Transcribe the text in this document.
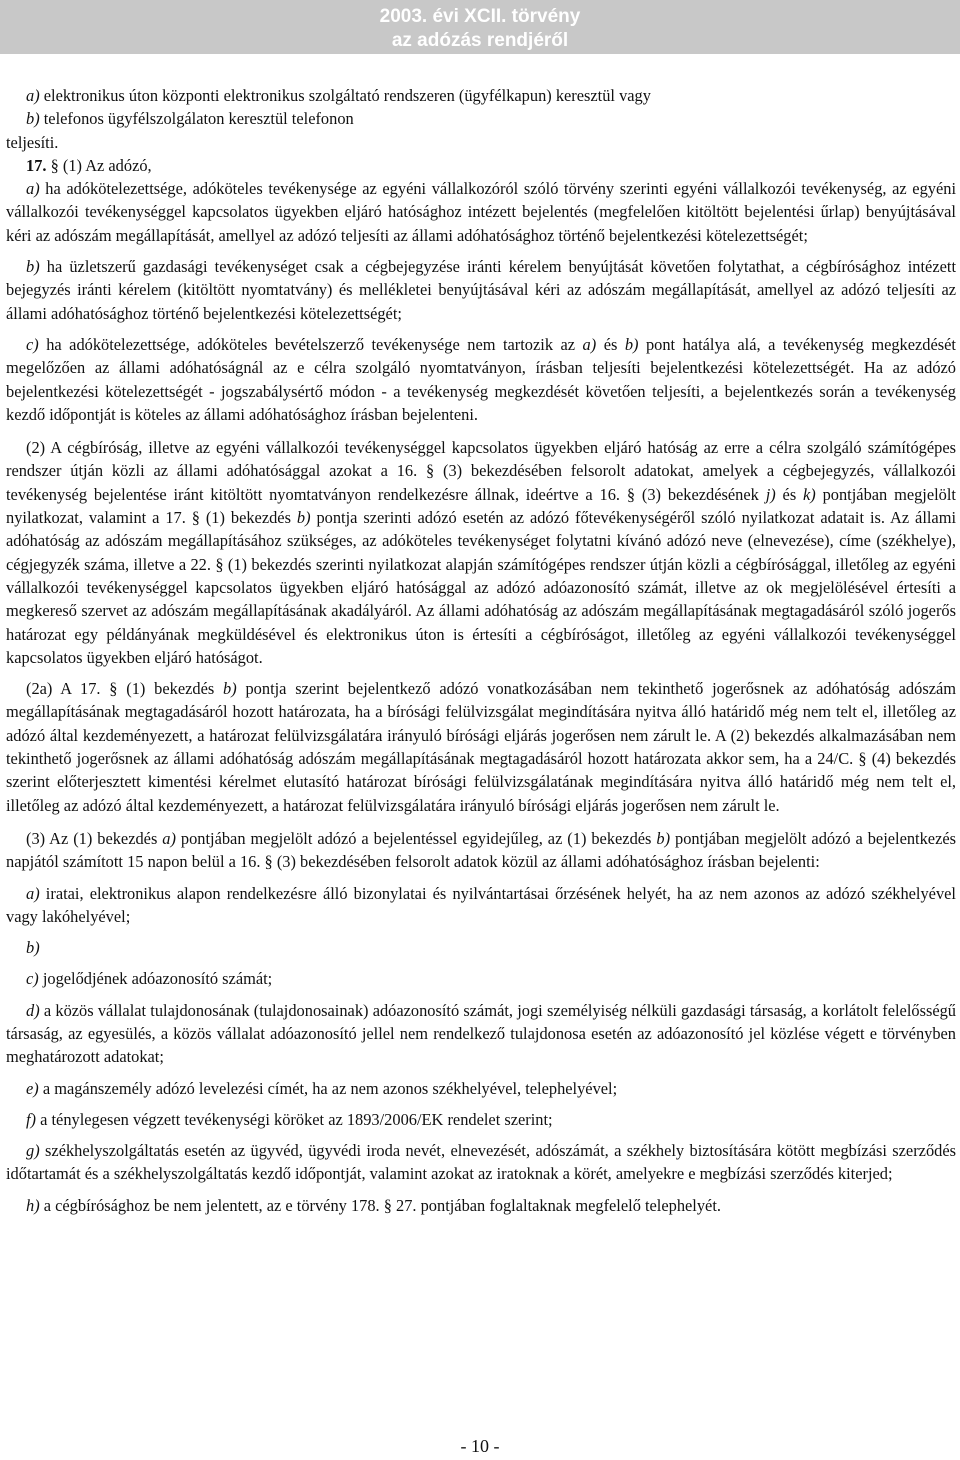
2003. évi XCII. törvény
az adózás rendjéről

a) elektronikus úton központi elektronikus szolgáltató rendszeren (ügyfélkapun) keresztül vagy

b) telefonos ügyfélszolgálaton keresztül telefonon

teljesíti.

17. § (1) Az adózó,

a) ha adókötelezettsége, adóköteles tevékenysége az egyéni vállalkozóról szóló törvény szerinti egyéni vállalkozói tevékenység, az egyéni vállalkozói tevékenységgel kapcsolatos ügyekben eljáró hatósághoz intézett bejelentés (megfelelően kitöltött bejelentési űrlap) benyújtásával kéri az adószám megállapítását, amellyel az adózó teljesíti az állami adóhatósághoz történő bejelentkezési kötelezettségét;

b) ha üzletszerű gazdasági tevékenységet csak a cégbejegyzése iránti kérelem benyújtását követően folytathat, a cégbírósághoz intézett bejegyzés iránti kérelem (kitöltött nyomtatvány) és mellékletei benyújtásával kéri az adószám megállapítását, amellyel az adózó teljesíti az állami adóhatósághoz történő bejelentkezési kötelezettségét;

c) ha adókötelezettsége, adóköteles bevételszerző tevékenysége nem tartozik az a) és b) pont hatálya alá, a tevékenység megkezdését megelőzően az állami adóhatóságnál az e célra szolgáló nyomtatványon, írásban teljesíti bejelentkezési kötelezettségét. Ha az adózó bejelentkezési kötelezettségét - jogszabálysértő módon - a tevékenység megkezdését követően teljesíti, a bejelentkezés során a tevékenység kezdő időpontját is köteles az állami adóhatósághoz írásban bejelenteni.

(2) A cégbíróság, illetve az egyéni vállalkozói tevékenységgel kapcsolatos ügyekben eljáró hatóság az erre a célra szolgáló számítógépes rendszer útján közli az állami adóhatósággal azokat a 16. § (3) bekezdésében felsorolt adatokat, amelyek a cégbejegyzés, vállalkozói tevékenység bejelentése iránt kitöltött nyomtatványon rendelkezésre állnak, ideértve a 16. § (3) bekezdésének j) és k) pontjában megjelölt nyilatkozat, valamint a 17. § (1) bekezdés b) pontja szerinti adózó esetén az adózó főtevékenységéről szóló nyilatkozat adatait is. Az állami adóhatóság az adószám megállapításához szükséges, az adóköteles tevékenységet folytatni kívánó adózó neve (elnevezése), címe (székhelye), cégjegyzék száma, illetve a 22. § (1) bekezdés szerinti nyilatkozat alapján számítógépes rendszer útján közli a cégbírósággal, illetőleg az egyéni vállalkozói tevékenységgel kapcsolatos ügyekben eljáró hatósággal az adózó adóazonosító számát, illetve az ok megjelölésével értesíti a megkereső szervet az adószám megállapításának akadályáról. Az állami adóhatóság az adószám megállapításának megtagadásáról szóló jogerős határozat egy példányának megküldésével és elektronikus úton is értesíti a cégbíróságot, illetőleg az egyéni vállalkozói tevékenységgel kapcsolatos ügyekben eljáró hatóságot.

(2a) A 17. § (1) bekezdés b) pontja szerint bejelentkező adózó vonatkozásában nem tekinthető jogerősnek az adóhatóság adószám megállapításának megtagadásáról hozott határozata, ha a bírósági felülvizsgálat megindítására nyitva álló határidő még nem telt el, illetőleg az adózó által kezdeményezett, a határozat felülvizsgálatára irányuló bírósági eljárás jogerősen nem zárult le. A (2) bekezdés alkalmazásában nem tekinthető jogerősnek az állami adóhatóság adószám megállapításának megtagadásáról hozott határozata akkor sem, ha a 24/C. § (4) bekezdés szerint előterjesztett kimentési kérelmet elutasító határozat bírósági felülvizsgálatának megindítására nyitva álló határidő még nem telt el, illetőleg az adózó által kezdeményezett, a határozat felülvizsgálatára irányuló bírósági eljárás jogerősen nem zárult le.

(3) Az (1) bekezdés a) pontjában megjelölt adózó a bejelentéssel egyidejűleg, az (1) bekezdés b) pontjában megjelölt adózó a bejelentkezés napjától számított 15 napon belül a 16. § (3) bekezdésében felsorolt adatok közül az állami adóhatósághoz írásban bejelenti:

a) iratai, elektronikus alapon rendelkezésre álló bizonylatai és nyilvántartásai őrzésének helyét, ha az nem azonos az adózó székhelyével vagy lakóhelyével;

b)

c) jogelődjének adóazonosító számát;

d) a közös vállalat tulajdonosának (tulajdonosainak) adóazonosító számát, jogi személyiség nélküli gazdasági társaság, a korlátolt felelősségű társaság, az egyesülés, a közös vállalat adóazonosító jellel nem rendelkező tulajdonosa esetén az adóazonosító jel közlése végett e törvényben meghatározott adatokat;

e) a magánszemély adózó levelezési címét, ha az nem azonos székhelyével, telephelyével;

f) a ténylegesen végzett tevékenységi köröket az 1893/2006/EK rendelet szerint;

g) székhelyszolgáltatás esetén az ügyvéd, ügyvédi iroda nevét, elnevezését, adószámát, a székhely biztosítására kötött megbízási szerződés időtartamát és a székhelyszolgáltatás kezdő időpontját, valamint azokat az iratoknak a körét, amelyekre e megbízási szerződés kiterjed;

h) a cégbírósághoz be nem jelentett, az e törvény 178. § 27. pontjában foglaltaknak megfelelő telephelyét.

- 10 -
